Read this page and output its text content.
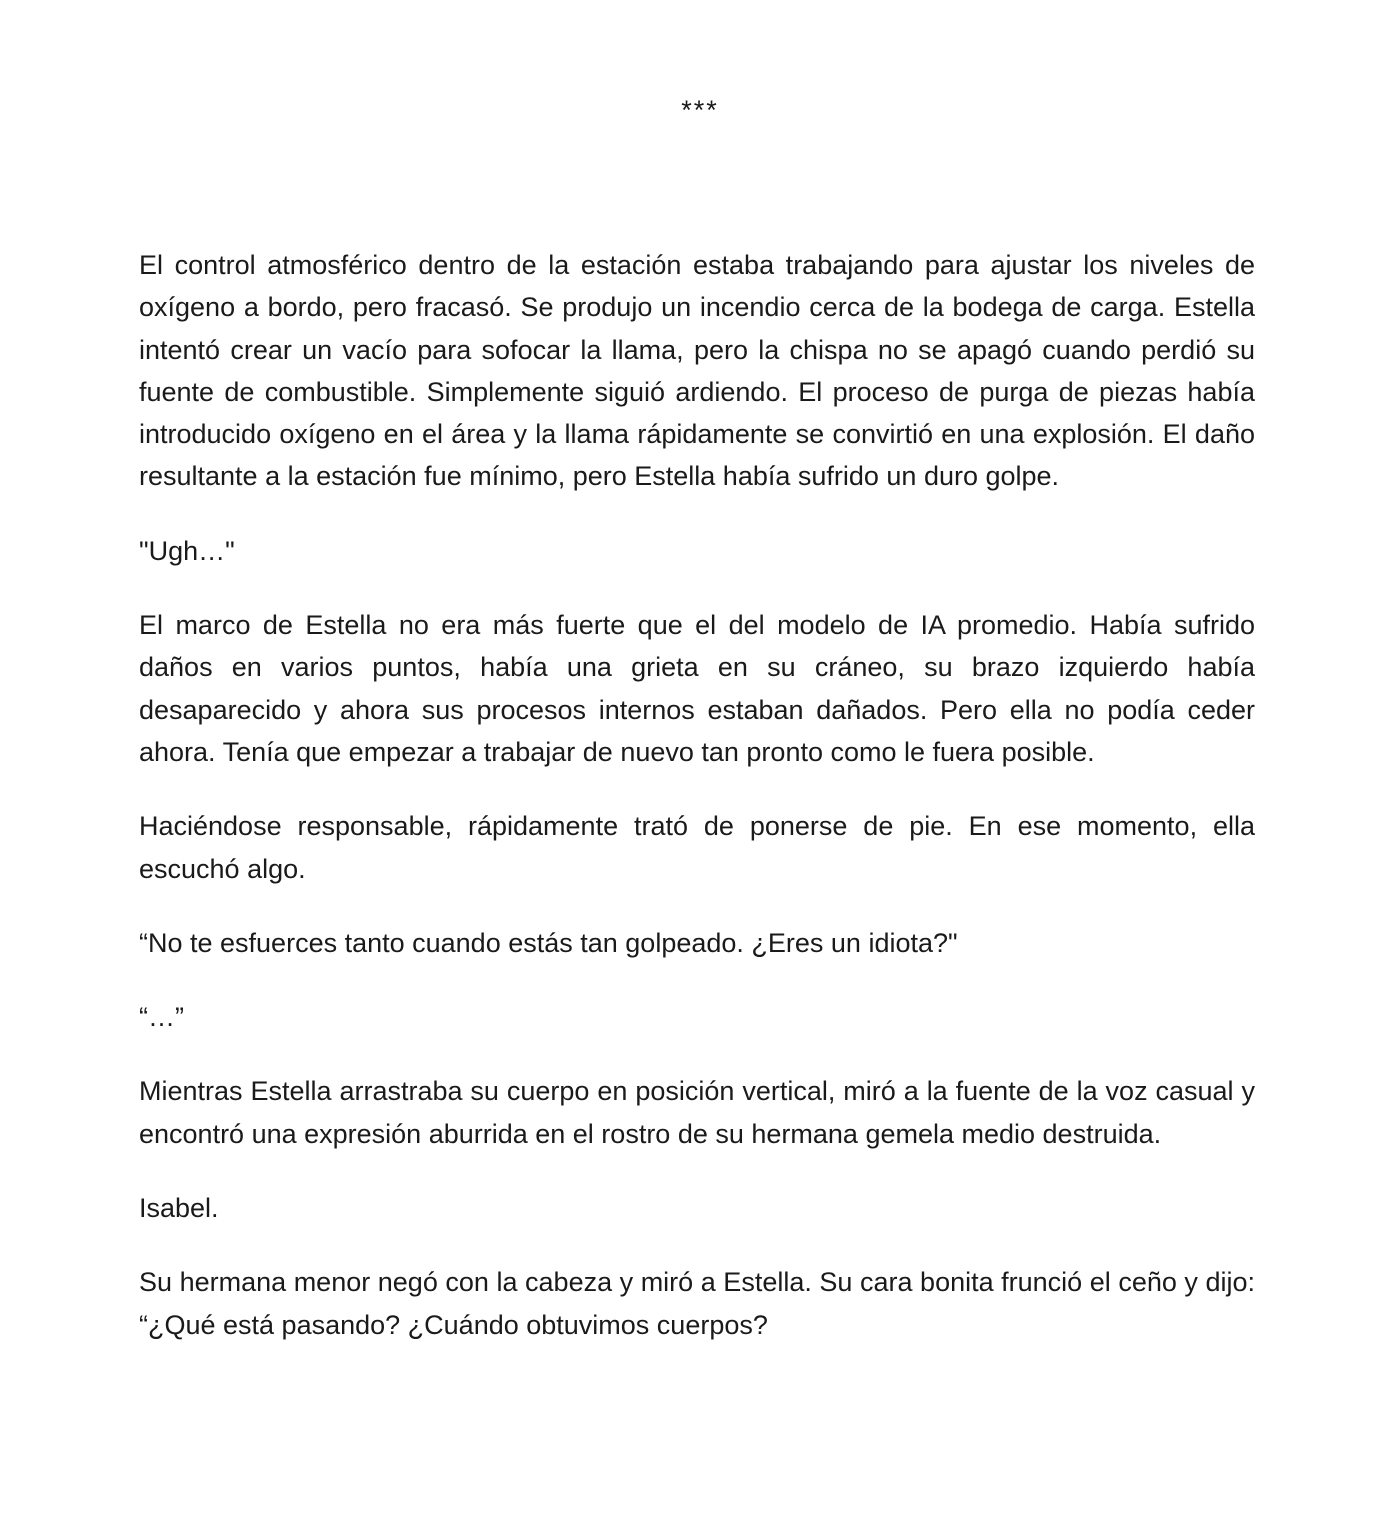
***

El control atmosférico dentro de la estación estaba trabajando para ajustar los niveles de oxígeno a bordo, pero fracasó. Se produjo un incendio cerca de la bodega de carga. Estella intentó crear un vacío para sofocar la llama, pero la chispa no se apagó cuando perdió su fuente de combustible. Simplemente siguió ardiendo. El proceso de purga de piezas había introducido oxígeno en el área y la llama rápidamente se convirtió en una explosión. El daño resultante a la estación fue mínimo, pero Estella había sufrido un duro golpe.

"Ugh…"

El marco de Estella no era más fuerte que el del modelo de IA promedio. Había sufrido daños en varios puntos, había una grieta en su cráneo, su brazo izquierdo había desaparecido y ahora sus procesos internos estaban dañados. Pero ella no podía ceder ahora. Tenía que empezar a trabajar de nuevo tan pronto como le fuera posible.

Haciéndose responsable, rápidamente trató de ponerse de pie. En ese momento, ella escuchó algo.

“No te esfuerces tanto cuando estás tan golpeado. ¿Eres un idiota?"

“…”

Mientras Estella arrastraba su cuerpo en posición vertical, miró a la fuente de la voz casual y encontró una expresión aburrida en el rostro de su hermana gemela medio destruida.

Isabel.

Su hermana menor negó con la cabeza y miró a Estella. Su cara bonita frunció el ceño y dijo: “¿Qué está pasando? ¿Cuándo obtuvimos cuerpos?
